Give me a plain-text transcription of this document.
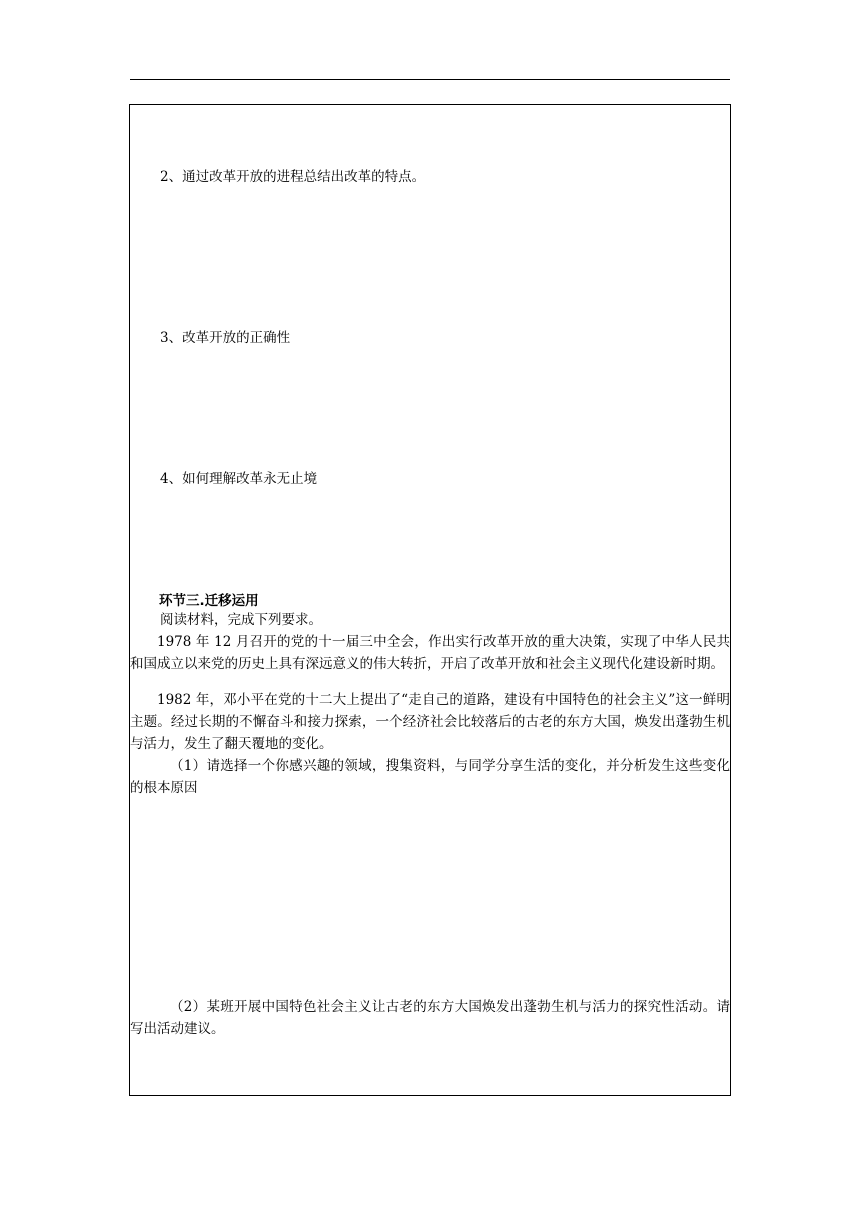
2、通过改革开放的进程总结出改革的特点。
3、改革开放的正确性
4、如何理解改革永无止境
环节三.迁移运用
阅读材料，完成下列要求。
1978 年 12 月召开的党的十一届三中全会，作出实行改革开放的重大决策，实现了中华人民共和国成立以来党的历史上具有深远意义的伟大转折，开启了改革开放和社会主义现代化建设新时期。
1982 年，邓小平在党的十二大上提出了“走自己的道路，建设有中国特色的社会主义”这一鲜明主题。经过长期的不懈奋斗和接力探索，一个经济社会比较落后的古老的东方大国，焕发出蓬勃生机与活力，发生了翻天覆地的变化。
（1）请选择一个你感兴趣的领域，搜集资料，与同学分享生活的变化，并分析发生这些变化的根本原因
（2）某班开展中国特色社会主义让古老的东方大国焕发出蓬勃生机与活力的探究性活动。请写出活动建议。
